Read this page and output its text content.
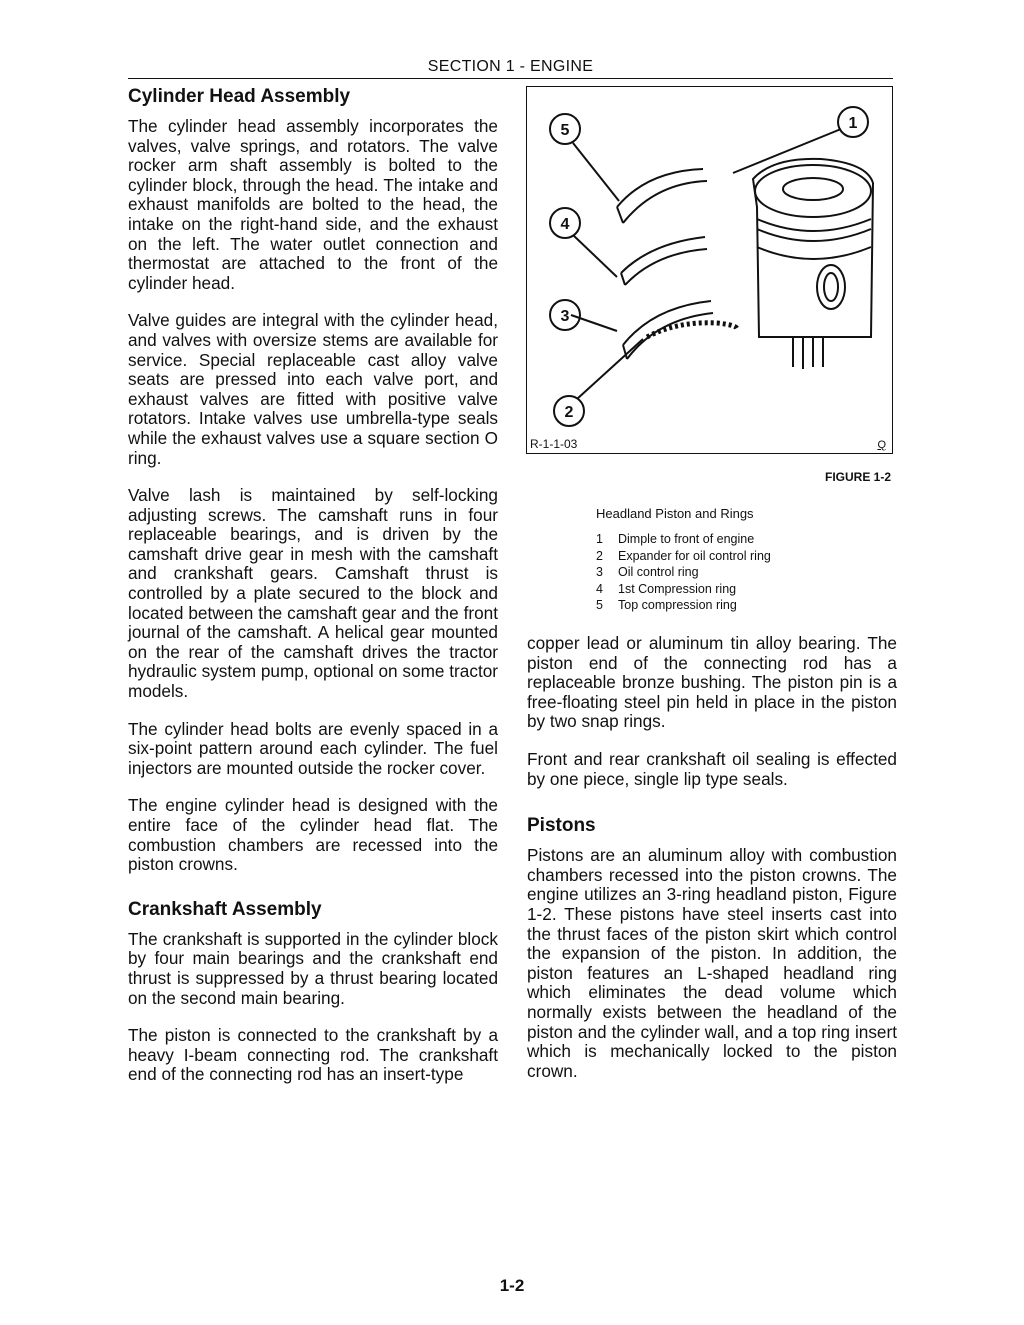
SECTION 1 - ENGINE
Cylinder Head Assembly

The cylinder head assembly incorporates the valves, valve springs, and rotators. The valve rocker arm shaft assembly is bolted to the cylinder block, through the head. The intake and exhaust manifolds are bolted to the head, the intake on the right-hand side, and the exhaust on the left. The water outlet connection and thermostat are attached to the front of the cylinder head.

Valve guides are integral with the cylinder head, and valves with oversize stems are available for service. Special replaceable cast alloy valve seats are pressed into each valve port, and exhaust valves are fitted with positive valve rotators. Intake valves use umbrella-type seals while the exhaust valves use a square section O ring.

Valve lash is maintained by self-locking adjusting screws. The camshaft runs in four replaceable bearings, and is driven by the camshaft drive gear in mesh with the camshaft and crankshaft gears. Camshaft thrust is controlled by a plate secured to the block and located between the camshaft gear and the front journal of the camshaft. A helical gear mounted on the rear of the camshaft drives the tractor hydraulic system pump, optional on some tractor models.

The cylinder head bolts are evenly spaced in a six-point pattern around each cylinder. The fuel injectors are mounted outside the rocker cover.

The engine cylinder head is designed with the entire face of the cylinder head flat. The combustion chambers are recessed into the piston crowns.

Crankshaft Assembly

The crankshaft is supported in the cylinder block by four main bearings and the crankshaft end thrust is suppressed by a thrust bearing located on the second main bearing.

The piston is connected to the crankshaft by a heavy I-beam connecting rod. The crankshaft end of the connecting rod has an insert-type

5	1
4
3
2
R-1-1-03	Q
FIGURE 1-2
Headland Piston and Rings
1	Dimple to front of engine
2	Expander for oil control ring
3	Oil control ring
4	1st Compression ring
5	Top compression ring

copper lead or aluminum tin alloy bearing. The piston end of the connecting rod has a replaceable bronze bushing. The piston pin is a free-floating steel pin held in place in the piston by two snap rings.

Front and rear crankshaft oil sealing is effected by one piece, single lip type seals.

Pistons

Pistons are an aluminum alloy with combustion chambers recessed into the piston crowns. The engine utilizes an 3-ring headland piston, Figure 1-2. These pistons have steel inserts cast into the thrust faces of the piston skirt which control the expansion of the piston. In addition, the piston features an L-shaped headland ring which eliminates the dead volume which normally exists between the headland of the piston and the cylinder wall, and a top ring insert which is mechanically locked to the piston crown.

1-2
